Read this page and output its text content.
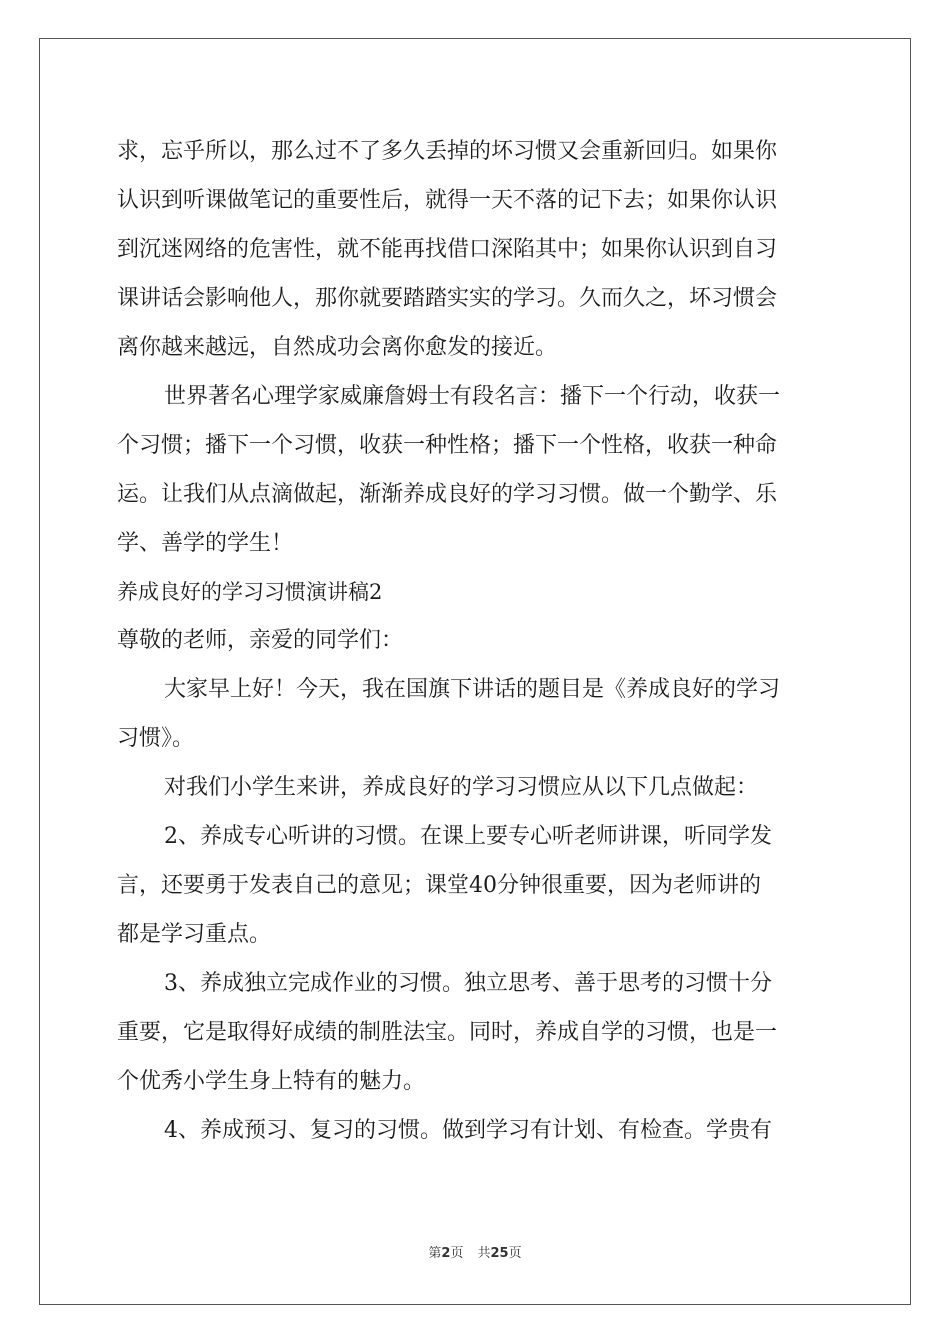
求，忘乎所以，那么过不了多久丢掉的坏习惯又会重新回归。如果你
认识到听课做笔记的重要性后，就得一天不落的记下去；如果你认识
到沉迷网络的危害性，就不能再找借口深陷其中；如果你认识到自习
课讲话会影响他人，那你就要踏踏实实的学习。久而久之，坏习惯会
离你越来越远，自然成功会离你愈发的接近。
世界著名心理学家威廉詹姆士有段名言：播下一个行动，收获一
个习惯；播下一个习惯，收获一种性格；播下一个性格，收获一种命
运。让我们从点滴做起，渐渐养成良好的学习习惯。做一个勤学、乐
学、善学的学生！
养成良好的学习习惯演讲稿2
尊敬的老师，亲爱的同学们：
大家早上好！今天，我在国旗下讲话的题目是《养成良好的学习
习惯》。
对我们小学生来讲，养成良好的学习习惯应从以下几点做起：
2、养成专心听讲的习惯。在课上要专心听老师讲课，听同学发
言，还要勇于发表自己的意见；课堂40分钟很重要，因为老师讲的
都是学习重点。
3、养成独立完成作业的习惯。独立思考、善于思考的习惯十分
重要，它是取得好成绩的制胜法宝。同时，养成自学的习惯，也是一
个优秀小学生身上特有的魅力。
4、养成预习、复习的习惯。做到学习有计划、有检查。学贵有
第2页 共25页
